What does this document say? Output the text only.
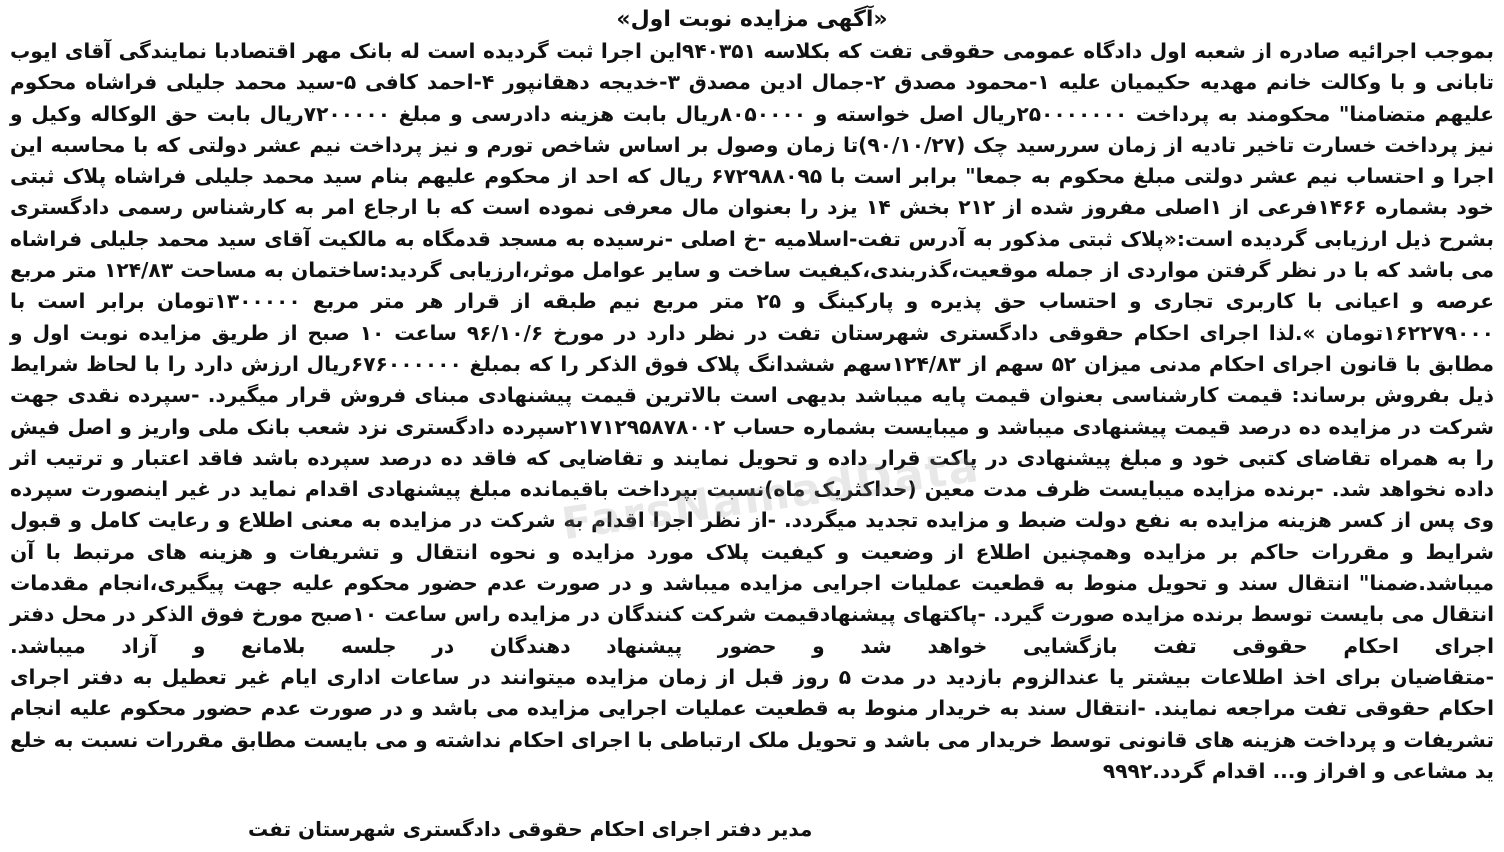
«آگهی مزایده نوبت اول»
بموجب اجرائیه صادره از شعبه اول دادگاه عمومی حقوقی تفت که بکلاسه ۹۴۰۳۵۱این اجرا ثبت گردیده است له بانک مهر اقتصادبا نمایندگی آقای ایوب تابانی و با وکالت خانم مهدیه حکیمیان علیه ۱-محمود مصدق ۲-جمال ادین مصدق ۳-خدیجه دهقانپور ۴-احمد کافی ۵-سید محمد جلیلی فراشاه محکوم علیهم متضامنا" محکومند به پرداخت ۲۵۰۰۰۰۰۰۰ریال اصل خواسته و ۸۰۵۰۰۰۰ریال بابت هزینه دادرسی و مبلغ ۷۲۰۰۰۰۰ریال بابت حق الوکاله وکیل و نیز پرداخت خسارت تاخیر تادیه از زمان سررسید چک (۹۰/۱۰/۲۷)تا زمان وصول بر اساس شاخص تورم و نیز پرداخت نیم عشر دولتی که با محاسبه این اجرا و احتساب نیم عشر دولتی مبلغ محکوم به جمعا" برابر است با ۶۷۲۹۸۸۰۹۵ ریال که احد از محکوم علیهم بنام سید محمد جلیلی فراشاه پلاک ثبتی خود بشماره ۱۴۶۶فرعی از ۱اصلی مفروز شده از ۲۱۲ بخش ۱۴ یزد را بعنوان مال معرفی نموده است که با ارجاع امر به کارشناس رسمی دادگستری بشرح ذیل ارزیابی گردیده است:«پلاک ثبتی مذکور به آدرس تفت-اسلامیه -خ اصلی -نرسیده به مسجد قدمگاه به مالکیت آقای سید محمد جلیلی فراشاه می باشد که با در نظر گرفتن مواردی از جمله موقعیت،گذربندی،کیفیت ساخت و سایر عوامل موثر،ارزیابی گردید:ساختمان به مساحت ۱۲۴/۸۳ متر مربع عرصه و اعیانی با کاربری تجاری و احتساب حق پذیره و پارکینگ و ۲۵ متر مربع نیم طبقه از قرار هر متر مربع ۱۳۰۰۰۰۰تومان برابر است با ۱۶۲۲۷۹۰۰۰تومان ».لذا اجرای احکام حقوقی دادگستری شهرستان تفت در نظر دارد در مورخ ۹۶/۱۰/۶ ساعت ۱۰ صبح از طریق مزایده نوبت اول و مطابق با قانون اجرای احکام مدنی میزان ۵۲ سهم از ۱۲۴/۸۳سهم ششدانگ پلاک فوق الذکر را که بمبلغ ۶۷۶۰۰۰۰۰۰ریال ارزش دارد را با لحاظ شرایط ذیل بفروش برساند: قیمت کارشناسی بعنوان قیمت پایه میباشد بدیهی است بالاترین قیمت پیشنهادی مبنای فروش قرار میگیرد. -سپرده نقدی جهت شرکت در مزایده ده درصد قیمت پیشنهادی میباشد و میبایست بشماره حساب ۲۱۷۱۲۹۵۸۷۸۰۰۲سپرده دادگستری نزد شعب بانک ملی واریز و اصل فیش را به همراه تقاضای کتبی خود و مبلغ پیشنهادی در پاکت قرار داده و تحویل نمایند و تقاضایی که فاقد ده درصد سپرده باشد فاقد اعتبار و ترتیب اثر داده نخواهد شد. -برنده مزایده میبایست ظرف مدت معین (حداکثریک ماه)نسبت بپرداخت باقیمانده مبلغ پیشنهادی اقدام نماید در غیر اینصورت سپرده وی پس از کسر هزینه مزایده به نفع دولت ضبط و مزایده تجدید میگردد. -از نظر اجرا اقدام به شرکت در مزایده به معنی اطلاع و رعایت کامل و قبول شرایط و مقررات حاکم بر مزایده وهمچنین اطلاع از وضعیت و کیفیت پلاک مورد مزایده و نحوه انتقال و تشریفات و هزینه های مرتبط با آن میباشد.ضمنا" انتقال سند و تحویل منوط به قطعیت عملیات اجرایی مزایده میباشد و در صورت عدم حضور محکوم علیه جهت پیگیری،انجام مقدمات انتقال می بایست توسط برنده مزایده صورت گیرد. -پاکتهای پیشنهادقیمت شرکت کنندگان در مزایده راس ساعت ۱۰صبح مورخ فوق الذکر در محل دفتر اجرای احکام حقوقی تفت بازگشایی خواهد شد و حضور پیشنهاد دهندگان در جلسه بلامانع و آزاد میباشد.
-متقاضیان برای اخذ اطلاعات بیشتر یا عندالزوم بازدید در مدت ۵ روز قبل از زمان مزایده میتوانند در ساعات اداری ایام غیر تعطیل به دفتر اجرای احکام حقوقی تفت مراجعه نمایند. -انتقال سند به خریدار منوط به قطعیت عملیات اجرایی مزایده می باشد و در صورت عدم حضور محکوم علیه انجام تشریفات و پرداخت هزینه های قانونی توسط خریدار می باشد و تحویل ملک ارتباطی با اجرای احکام نداشته و می بایست مطابق مقررات نسبت به خلع ید مشاعی و افراز و... اقدام گردد.۹۹۹۲
مدیر دفتر اجرای احکام حقوقی دادگستری شهرستان تفت
FarsNamadData
